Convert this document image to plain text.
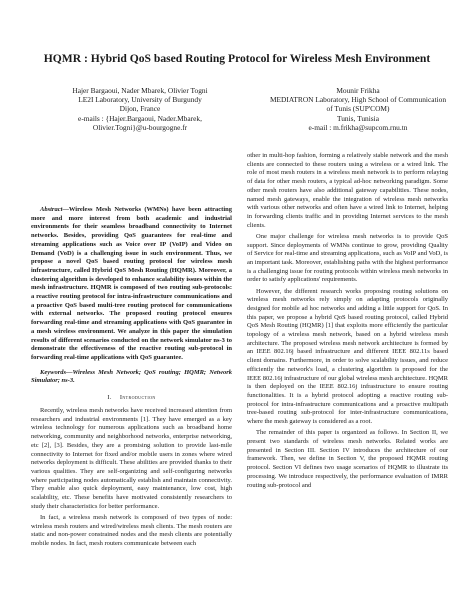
HQMR : Hybrid QoS based Routing Protocol for Wireless Mesh Environment
Hajer Bargaoui, Nader Mbarek, Olivier Togni
LE2I Laboratory, University of Burgundy
Dijon, France
e-mails : {Hajer.Bargaoui, Nader.Mbarek,
Olivier.Togni}@u-bourgogne.fr
Mounir Frikha
MEDIATRON Laboratory, High School of Communication
of Tunis (SUP'COM)
Tunis, Tunisia
e-mail : m.frikha@supcom.rnu.tn

Abstract—Wireless Mesh Networks (WMNs) have been attracting more and more interest from both academic and industrial environments for their seamless broadband connectivity to Internet networks. Besides, providing QoS guarantees for real-time and streaming applications such as Voice over IP (VoIP) and Video on Demand (VoD) is a challenging issue in such environment. Thus, we propose a novel QoS based routing protocol for wireless mesh infrastructure, called Hybrid QoS Mesh Routing (HQMR). Moreover, a clustering algorithm is developed to enhance scalability issues within the mesh infrastructure. HQMR is composed of two routing sub-protocols: a reactive routing protocol for intra-infrastructure communications and a proactive QoS based multi-tree routing protocol for communications with external networks. The proposed routing protocol ensures forwarding real-time and streaming applications with QoS guarantee in a mesh wireless environment. We analyze in this paper the simulation results of different scenarios conducted on the network simulator ns-3 to demonstrate the effectiveness of the reactive routing sub-protocol in forwarding real-time applications with QoS guarantee.

Keywords—Wireless Mesh Network; QoS routing; HQMR; Network Simulator; ns-3.

I. Introduction

Recently, wireless mesh networks have received increased attention from researchers and industrial environments [1]. They have emerged as a key wireless technology for numerous applications such as broadband home networking, community and neighborhood networks, enterprise networking, etc [2], [3]. Besides, they are a promising solution to provide last-mile connectivity to Internet for fixed and/or mobile users in zones where wired networks deployment is difficult. These abilities are provided thanks to their various qualities. They are self-organizing and self-configuring networks where participating nodes automatically establish and maintain connectivity. They enable also quick deployment, easy maintenance, low cost, high scalability, etc. These benefits have motivated consistently researchers to study their characteristics for better performance.

In fact, a wireless mesh network is composed of two types of node: wireless mesh routers and wired/wireless mesh clients. The mesh routers are static and non-power constrained nodes and the mesh clients are potentially mobile nodes. In fact, mesh routers communicate between each

other in multi-hop fashion, forming a relatively stable network and the mesh clients are connected to these routers using a wireless or a wired link. The role of most mesh routers in a wireless mesh network is to perform relaying of data for other mesh routers, a typical ad-hoc networking paradigm. Some other mesh routers have also additional gateway capabilities. These nodes, named mesh gateways, enable the integration of wireless mesh networks with various other networks and often have a wired link to Internet, helping in forwarding clients traffic and in providing Internet services to the mesh clients.

One major challenge for wireless mesh networks is to provide QoS support. Since deployments of WMNs continue to grow, providing Quality of Service for real-time and streaming applications, such as VoIP and VoD, is an important task. Moreover, establishing paths with the highest performance is a challenging issue for routing protocols within wireless mesh networks in order to satisfy applications' requirements.

However, the different research works proposing routing solutions on wireless mesh networks rely simply on adapting protocols originally designed for mobile ad hoc networks and adding a little support for QoS. In this paper, we propose a hybrid QoS based routing protocol, called Hybrid QoS Mesh Routing (HQMR) [1] that exploits more efficiently the particular topology of a wireless mesh network, based on a hybrid wireless mesh architecture. The proposed wireless mesh network architecture is formed by an IEEE 802.16j based infrastructure and different IEEE 802.11s based client domains. Furthermore, in order to solve scalability issues, and reduce efficiently the network's load, a clustering algorithm is proposed for the IEEE 802.16j infrastructure of our global wireless mesh architecture. HQMR is then deployed on the IEEE 802.16j infrastructure to ensure routing functionalities. It is a hybrid protocol adopting a reactive routing sub-protocol for intra-infrastructure communications and a proactive multipath tree-based routing sub-protocol for inter-infrastructure communications, where the mesh gateway is considered as a root.

The remainder of this paper is organized as follows. In Section II, we present two standards of wireless mesh networks. Related works are presented in Section III. Section IV introduces the architecture of our framework. Then, we define in Section V, the proposed HQMR routing protocol. Section VI defines two usage scenarios of HQMR to illustrate its processing. We introduce respectively, the performance evaluation of IMRR routing sub-protocol and
